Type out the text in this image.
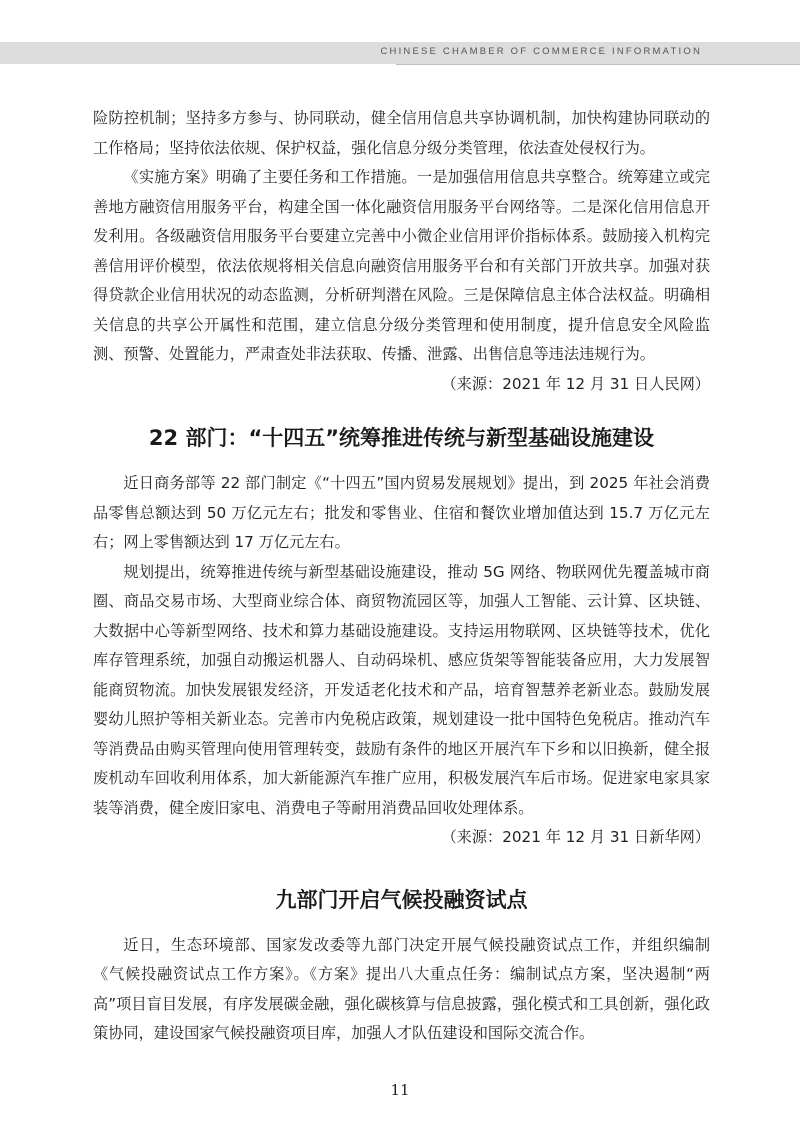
CHINESE CHAMBER OF COMMERCE INFORMATION

险防控机制；坚持多方参与、协同联动，健全信用信息共享协调机制，加快构建协同联动的工作格局；坚持依法依规、保护权益，强化信息分级分类管理，依法查处侵权行为。

《实施方案》明确了主要任务和工作措施。一是加强信用信息共享整合。统筹建立或完善地方融资信用服务平台，构建全国一体化融资信用服务平台网络等。二是深化信用信息开发利用。各级融资信用服务平台要建立完善中小微企业信用评价指标体系。鼓励接入机构完善信用评价模型，依法依规将相关信息向融资信用服务平台和有关部门开放共享。加强对获得贷款企业信用状况的动态监测，分析研判潜在风险。三是保障信息主体合法权益。明确相关信息的共享公开属性和范围，建立信息分级分类管理和使用制度，提升信息安全风险监测、预警、处置能力，严肃查处非法获取、传播、泄露、出售信息等违法违规行为。

（来源：2021 年 12 月 31 日人民网）

22 部门：“十四五”统筹推进传统与新型基础设施建设

近日商务部等 22 部门制定《“十四五”国内贸易发展规划》提出，到 2025 年社会消费品零售总额达到 50 万亿元左右；批发和零售业、住宿和餐饮业增加值达到 15.7 万亿元左右；网上零售额达到 17 万亿元左右。

规划提出，统筹推进传统与新型基础设施建设，推动 5G 网络、物联网优先覆盖城市商圈、商品交易市场、大型商业综合体、商贸物流园区等，加强人工智能、云计算、区块链、大数据中心等新型网络、技术和算力基础设施建设。支持运用物联网、区块链等技术，优化库存管理系统，加强自动搬运机器人、自动码垛机、感应货架等智能装备应用，大力发展智能商贸物流。加快发展银发经济，开发适老化技术和产品，培育智慧养老新业态。鼓励发展婴幼儿照护等相关新业态。完善市内免税店政策，规划建设一批中国特色免税店。推动汽车等消费品由购买管理向使用管理转变，鼓励有条件的地区开展汽车下乡和以旧换新，健全报废机动车回收利用体系，加大新能源汽车推广应用，积极发展汽车后市场。促进家电家具家装等消费，健全废旧家电、消费电子等耐用消费品回收处理体系。

（来源：2021 年 12 月 31 日新华网）

九部门开启气候投融资试点

近日，生态环境部、国家发改委等九部门决定开展气候投融资试点工作，并组织编制《气候投融资试点工作方案》。《方案》提出八大重点任务：编制试点方案，坚决遏制“两高”项目盲目发展，有序发展碳金融，强化碳核算与信息披露，强化模式和工具创新，强化政策协同，建设国家气候投融资项目库，加强人才队伍建设和国际交流合作。

11
